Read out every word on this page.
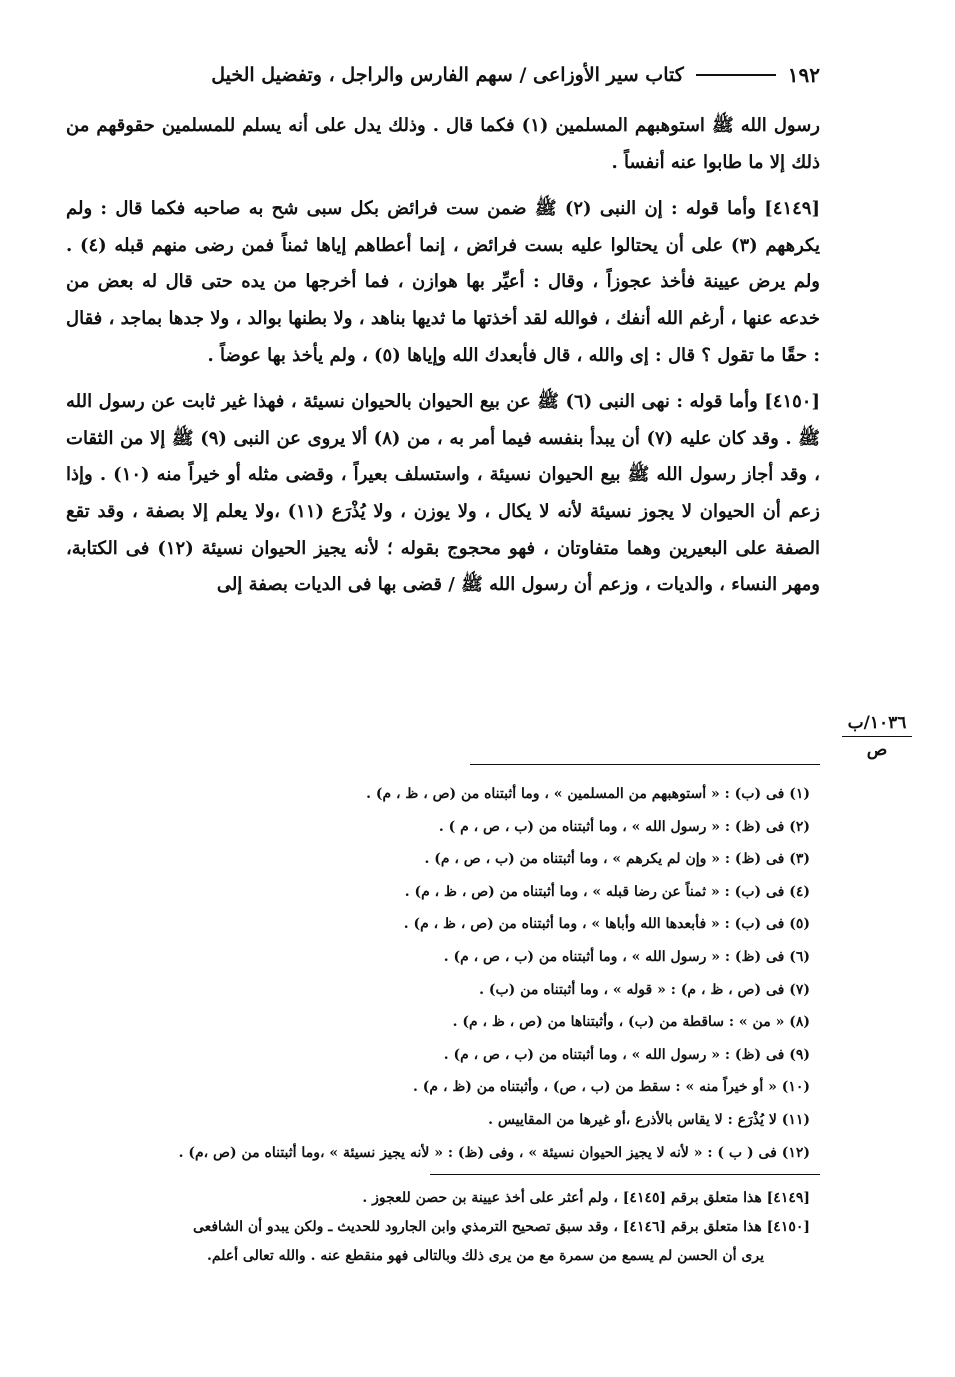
١٩٢
كتاب سير الأوزاعى / سهم الفارس والراجل ، وتفضيل الخيل

رسول الله ﷺ استوهبهم المسلمين (١) فكما قال . وذلك يدل على أنه يسلم للمسلمين حقوقهم من ذلك إلا ما طابوا عنه أنفساً .

[٤١٤٩] وأما قوله : إن النبى (٢) ﷺ ضمن ست فرائض بكل سبى شح به صاحبه فكما قال : ولم يكرههم (٣) على أن يحتالوا عليه بست فرائض ، إنما أعطاهم إياها ثمناً فمن رضى منهم قبله (٤) . ولم يرض عيينة فأخذ عجوزاً ، وقال : أعيِّر بها هوازن ، فما أخرجها من يده حتى قال له بعض من خدعه عنها ، أرغم الله أنفك ، فوالله لقد أخذتها ما ثديها بناهد ، ولا بطنها بوالد ، ولا جدها بماجد ، فقال : حقًا ما تقول ؟ قال : إى والله ، قال فأبعدك الله وإياها (٥) ، ولم يأخذ بها عوضاً .

[٤١٥٠] وأما قوله : نهى النبى (٦) ﷺ عن بيع الحيوان بالحيوان نسيئة ، فهذا غير ثابت عن رسول الله ﷺ . وقد كان عليه (٧) أن يبدأ بنفسه فيما أمر به ، من (٨) ألا يروى عن النبى (٩) ﷺ إلا من الثقات ، وقد أجاز رسول الله ﷺ بيع الحيوان نسيئة ، واستسلف بعيراً ، وقضى مثله أو خيراً منه (١٠) . وإذا زعم أن الحيوان لا يجوز نسيئة لأنه لا يكال ، ولا يوزن ، ولا يُذْرَع (١١) ،ولا يعلم إلا بصفة ، وقد تقع الصفة على البعيرين وهما متفاوتان ، فهو محجوج بقوله ؛ لأنه يجيز الحيوان نسيئة (١٢) فى الكتابة، ومهر النساء ، والديات ، وزعم أن رسول الله ﷺ / قضى بها فى الديات بصفة إلى

١٠٣٦/ب
ص
(١) فى (ب) : « أستوهبهم من المسلمين » ، وما أثبتناه من (ص ، ظ ، م) .
(٢) فى (ظ) : « رسول الله » ، وما أثبتناه من (ب ، ص ، م ) .
(٣) فى (ظ) : « وإن لم يكرهم » ، وما أثبتناه من (ب ، ص ، م) .
(٤) فى (ب) : « ثمناً عن رضا قبله » ، وما أثبتناه من (ص ، ظ ، م) .
(٥) فى (ب) : « فأبعدها الله وأباها » ، وما أثبتناه من (ص ، ظ ، م) .
(٦) فى (ظ) : « رسول الله » ، وما أثبتناه من (ب ، ص ، م) .
(٧) فى (ص ، ظ ، م) : « قوله » ، وما أثبتناه من (ب) .
(٨) « من » : ساقطة من (ب) ، وأثبتناها من (ص ، ظ ، م) .
(٩) فى (ظ) : « رسول الله » ، وما أثبتناه من (ب ، ص ، م) .
(١٠) « أو خيراً منه » : سقط من (ب ، ص) ، وأثبتناه من (ظ ، م) .
(١١) لا يُذْرَع : لا يقاس بالأذرع ،أو غيرها من المقاييس .
(١٢) فى ( ب ) : « لأنه لا يجيز الحيوان نسيئة » ، وفى (ظ) : « لأنه يجيز نسيئة » ،وما أثبتناه من (ص ،م) .
[٤١٤٩] هذا متعلق برقم [٤١٤٥] ، ولم أعثر على أخذ عيينة بن حصن للعجوز .
[٤١٥٠] هذا متعلق برقم [٤١٤٦] ، وقد سبق تصحيح الترمذي وابن الجارود للحديث ـ ولكن يبدو أن الشافعى
يرى أن الحسن لم يسمع من سمرة مع من يرى ذلك وبالتالى فهو منقطع عنه . والله تعالى أعلم.
